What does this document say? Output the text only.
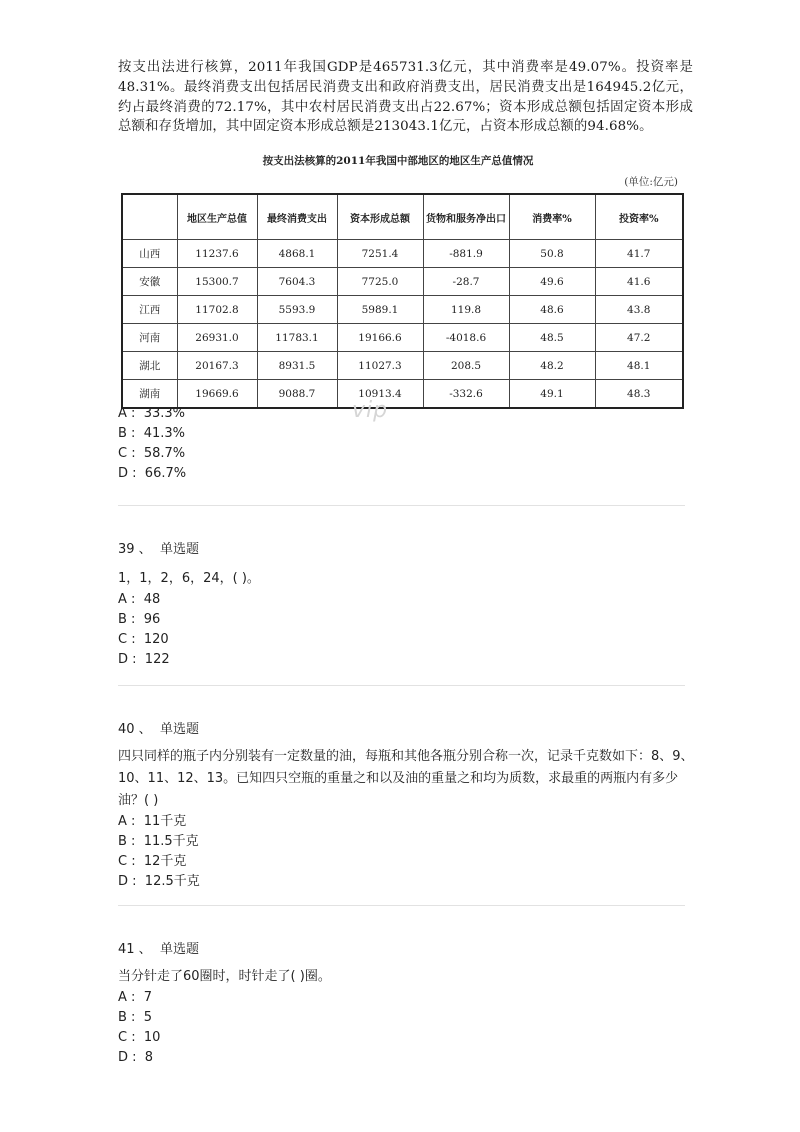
按支出法进行核算，2011年我国GDP是465731.3亿元，其中消费率是49.07%。投资率是48.31%。最终消费支出包括居民消费支出和政府消费支出，居民消费支出是164945.2亿元，约占最终消费的72.17%，其中农村居民消费支出占22.67%；资本形成总额包括固定资本形成总额和存货增加，其中固定资本形成总额是213043.1亿元，占资本形成总额的94.68%。

按支出法核算的2011年我国中部地区的地区生产总值情况
(单位:亿元)
	地区生产总值	最终消费支出	资本形成总额	货物和服务净出口	消费率%	投资率%
山西	11237.6	4868.1	7251.4	-881.9	50.8	41.7
安徽	15300.7	7604.3	7725.0	-28.7	49.6	41.6
江西	11702.8	5593.9	5989.1	119.8	48.6	43.8
河南	26931.0	11783.1	19166.6	-4018.6	48.5	47.2
湖北	20167.3	8931.5	11027.3	208.5	48.2	48.1
湖南	19669.6	9088.7	10913.4	-332.6	49.1	48.3
vip
A :  33.3%
B :  41.3%
C :  58.7%
D :  66.7%
39 、  单选题
1，1，2，6，24，( )。
A :  48
B :  96
C :  120
D :  122
40 、  单选题
四只同样的瓶子内分别装有一定数量的油，每瓶和其他各瓶分别合称一次，记录千克数如下：8、9、10、11、12、13。已知四只空瓶的重量之和以及油的重量之和均为质数，求最重的两瓶内有多少油？( )
A :  11千克
B :  11.5千克
C :  12千克
D :  12.5千克
41 、  单选题
当分针走了60圈时，时针走了( )圈。
A :  7
B :  5
C :  10
D :  8
